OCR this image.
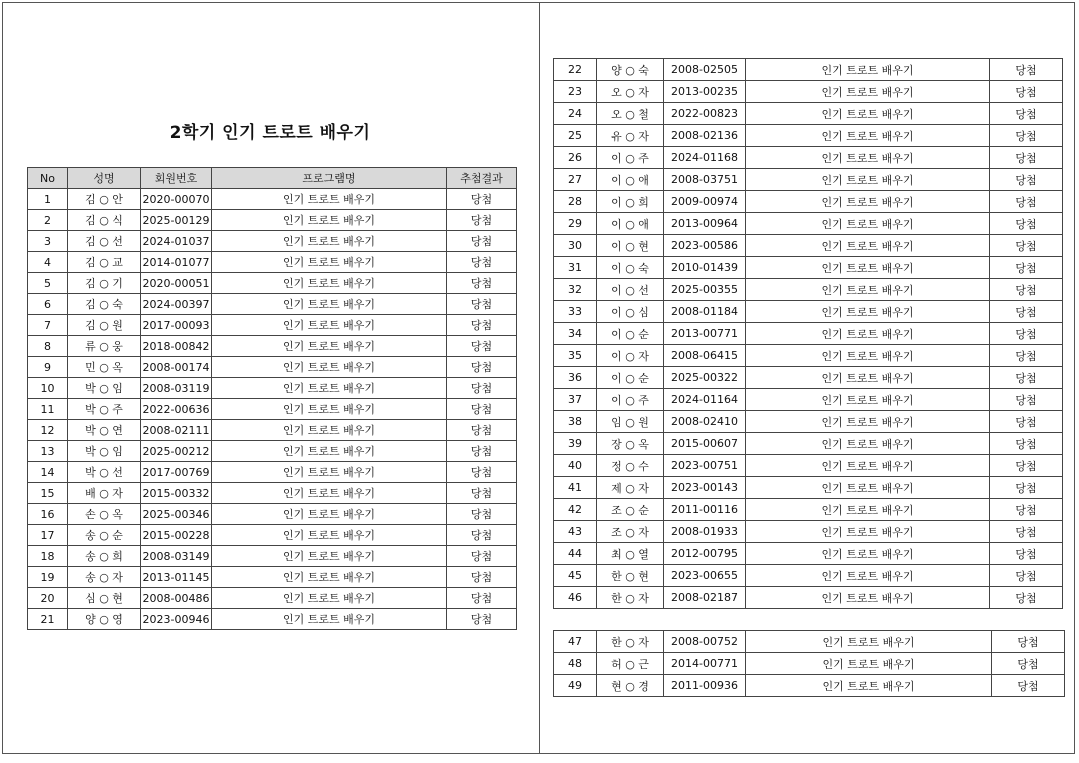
2학기 인기 트로트 배우기
No	성명	회원번호	프로그램명	추첨결과
1	김 ○ 안	2020-00070	인기 트로트 배우기	당첨
2	김 ○ 식	2025-00129	인기 트로트 배우기	당첨
3	김 ○ 선	2024-01037	인기 트로트 배우기	당첨
4	김 ○ 교	2014-01077	인기 트로트 배우기	당첨
5	김 ○ 기	2020-00051	인기 트로트 배우기	당첨
6	김 ○ 숙	2024-00397	인기 트로트 배우기	당첨
7	김 ○ 원	2017-00093	인기 트로트 배우기	당첨
8	류 ○ 웅	2018-00842	인기 트로트 배우기	당첨
9	민 ○ 옥	2008-00174	인기 트로트 배우기	당첨
10	박 ○ 임	2008-03119	인기 트로트 배우기	당첨
11	박 ○ 주	2022-00636	인기 트로트 배우기	당첨
12	박 ○ 연	2008-02111	인기 트로트 배우기	당첨
13	박 ○ 임	2025-00212	인기 트로트 배우기	당첨
14	박 ○ 선	2017-00769	인기 트로트 배우기	당첨
15	배 ○ 자	2015-00332	인기 트로트 배우기	당첨
16	손 ○ 옥	2025-00346	인기 트로트 배우기	당첨
17	송 ○ 순	2015-00228	인기 트로트 배우기	당첨
18	송 ○ 희	2008-03149	인기 트로트 배우기	당첨
19	송 ○ 자	2013-01145	인기 트로트 배우기	당첨
20	심 ○ 현	2008-00486	인기 트로트 배우기	당첨
21	양 ○ 영	2023-00946	인기 트로트 배우기	당첨
22	양 ○ 숙	2008-02505	인기 트로트 배우기	당첨
23	오 ○ 자	2013-00235	인기 트로트 배우기	당첨
24	오 ○ 철	2022-00823	인기 트로트 배우기	당첨
25	유 ○ 자	2008-02136	인기 트로트 배우기	당첨
26	이 ○ 주	2024-01168	인기 트로트 배우기	당첨
27	이 ○ 애	2008-03751	인기 트로트 배우기	당첨
28	이 ○ 희	2009-00974	인기 트로트 배우기	당첨
29	이 ○ 애	2013-00964	인기 트로트 배우기	당첨
30	이 ○ 현	2023-00586	인기 트로트 배우기	당첨
31	이 ○ 숙	2010-01439	인기 트로트 배우기	당첨
32	이 ○ 선	2025-00355	인기 트로트 배우기	당첨
33	이 ○ 심	2008-01184	인기 트로트 배우기	당첨
34	이 ○ 순	2013-00771	인기 트로트 배우기	당첨
35	이 ○ 자	2008-06415	인기 트로트 배우기	당첨
36	이 ○ 순	2025-00322	인기 트로트 배우기	당첨
37	이 ○ 주	2024-01164	인기 트로트 배우기	당첨
38	임 ○ 원	2008-02410	인기 트로트 배우기	당첨
39	장 ○ 옥	2015-00607	인기 트로트 배우기	당첨
40	정 ○ 수	2023-00751	인기 트로트 배우기	당첨
41	제 ○ 자	2023-00143	인기 트로트 배우기	당첨
42	조 ○ 순	2011-00116	인기 트로트 배우기	당첨
43	조 ○ 자	2008-01933	인기 트로트 배우기	당첨
44	최 ○ 열	2012-00795	인기 트로트 배우기	당첨
45	한 ○ 현	2023-00655	인기 트로트 배우기	당첨
46	한 ○ 자	2008-02187	인기 트로트 배우기	당첨
47	한 ○ 자	2008-00752	인기 트로트 배우기	당첨
48	허 ○ 근	2014-00771	인기 트로트 배우기	당첨
49	현 ○ 경	2011-00936	인기 트로트 배우기	당첨
